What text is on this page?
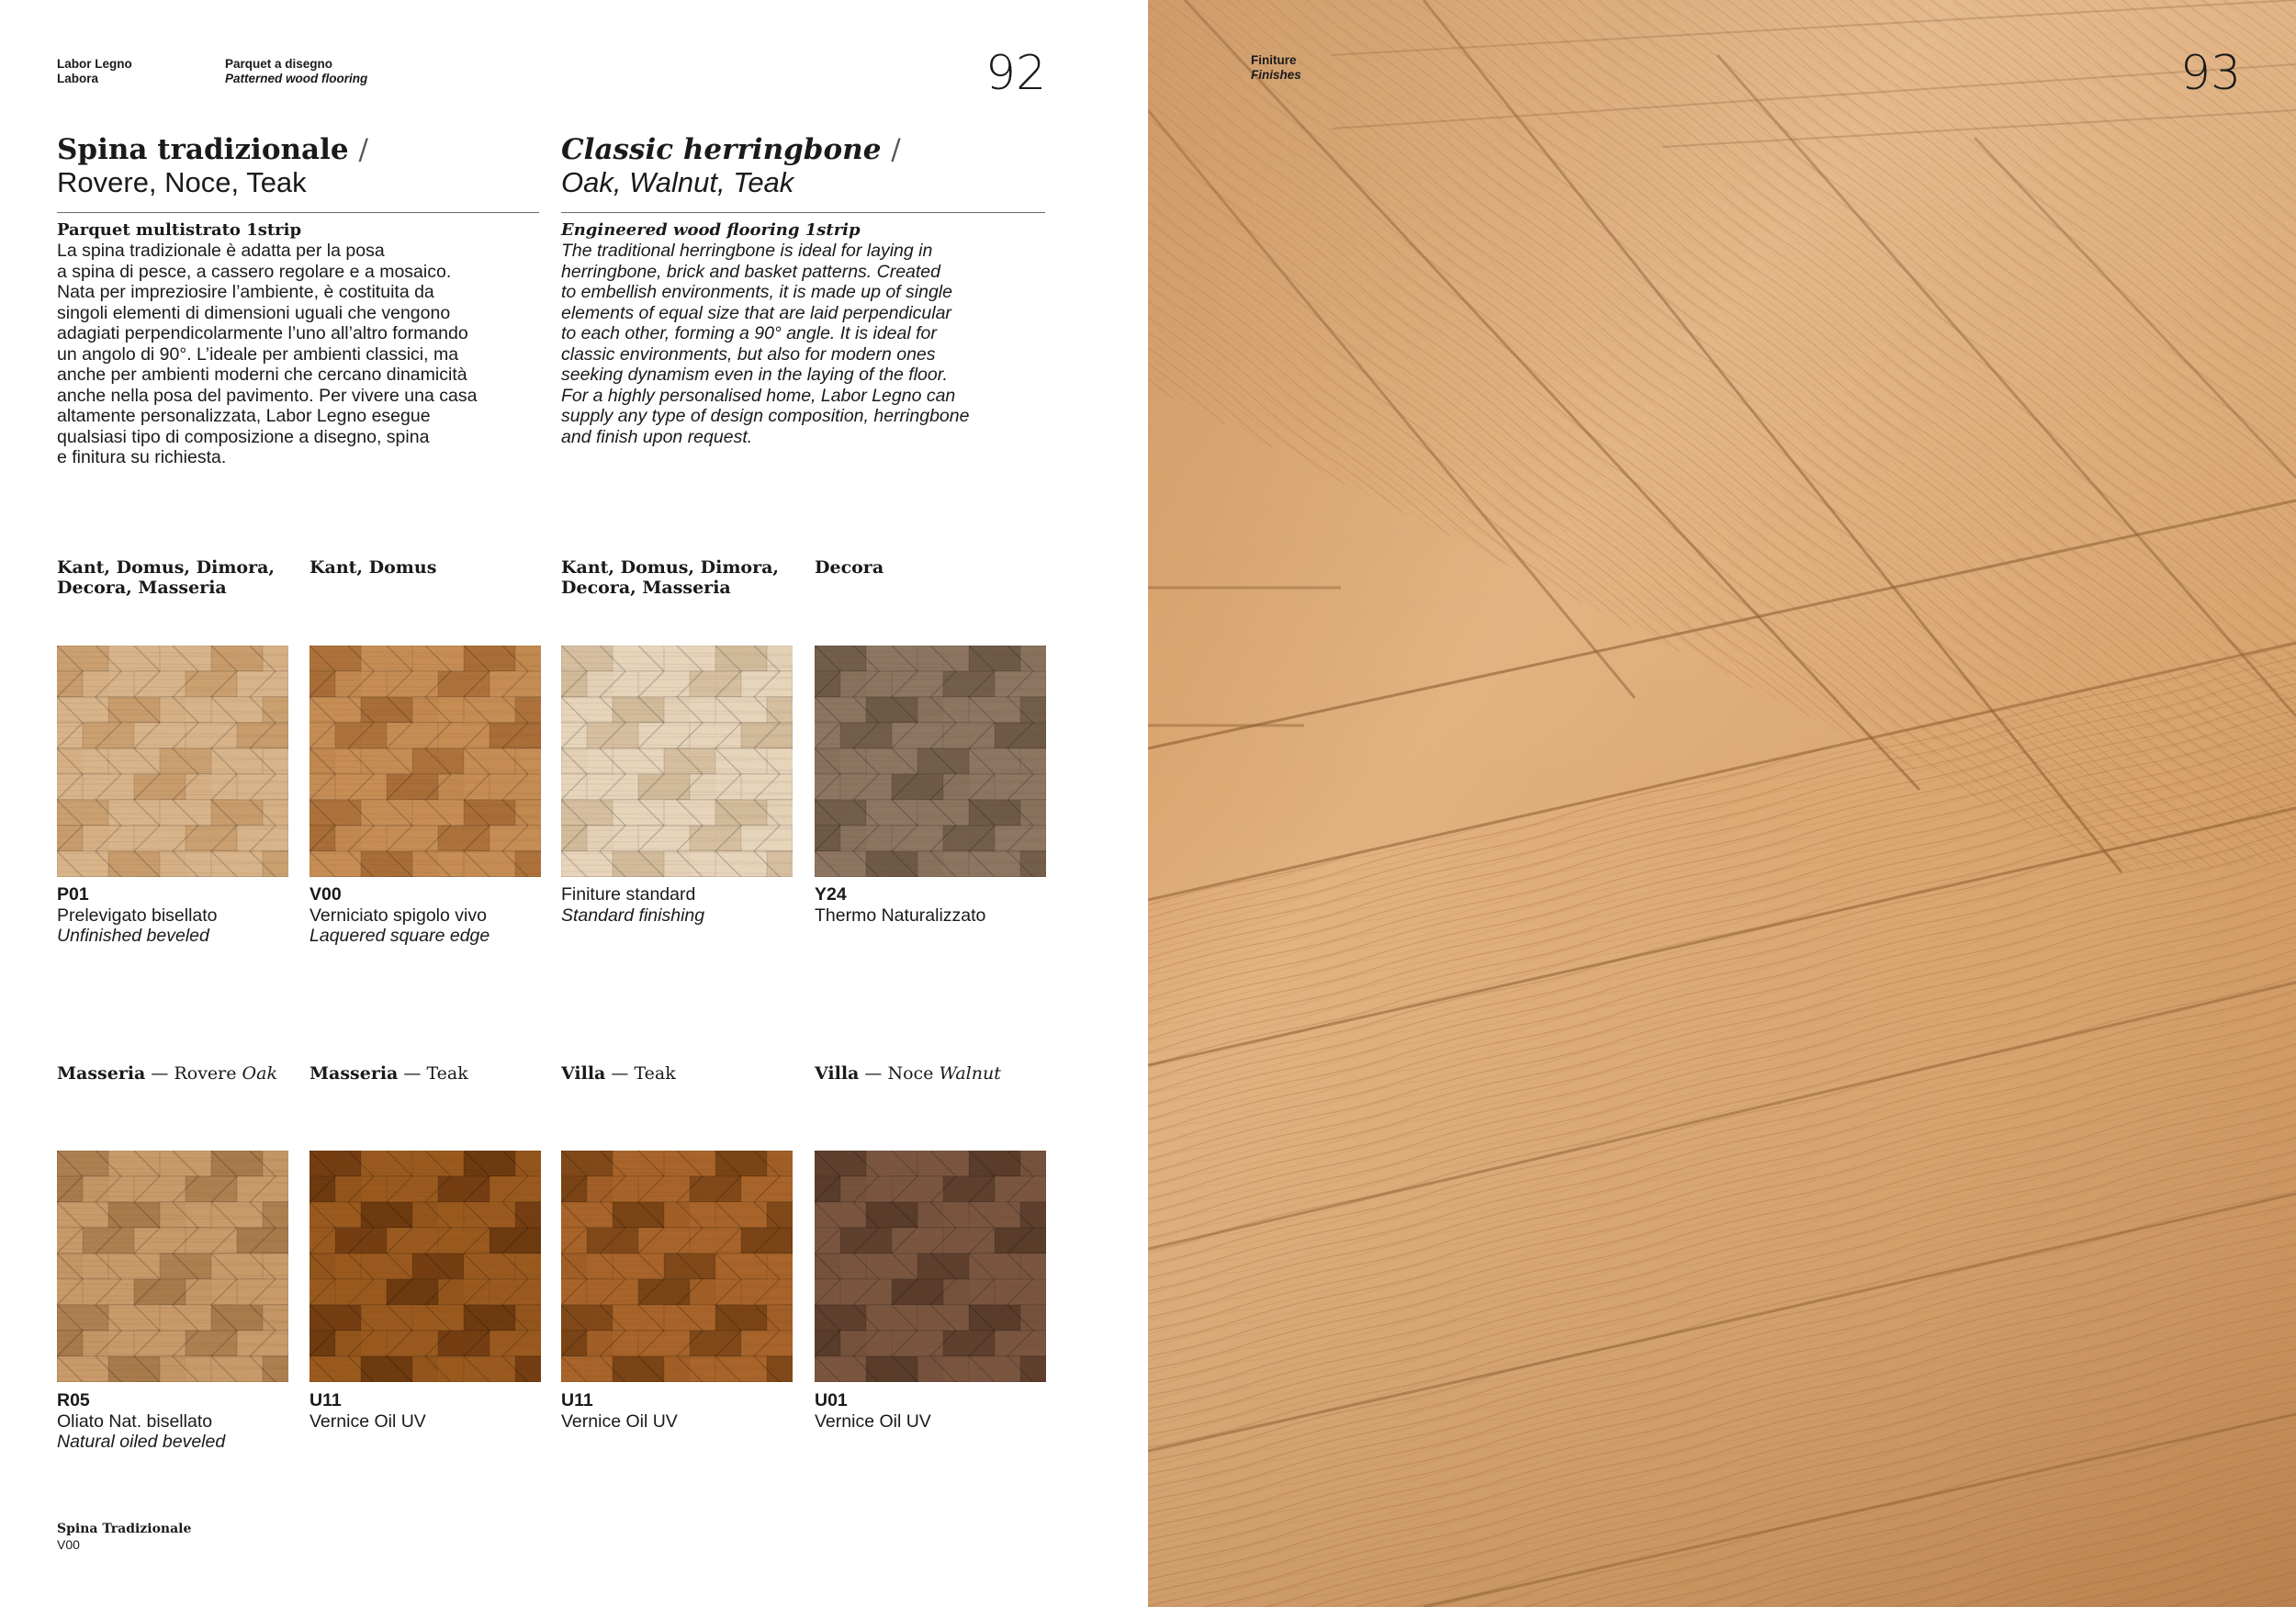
Labor Legno
Labora
Parquet a disegno
Patterned wood flooring	92
Spina tradizionale /
Rovere, Noce, Teak
Parquet multistrato 1strip
La spina tradizionale è adatta per la posa
a spina di pesce, a cassero regolare e a mosaico.
Nata per impreziosire l’ambiente, è costituita da
singoli elementi di dimensioni uguali che vengono
adagiati perpendicolarmente l’uno all’altro formando
un angolo di 90°. L’ideale per ambienti classici, ma
anche per ambienti moderni che cercano dinamicità
anche nella posa del pavimento. Per vivere una casa
altamente personalizzata, Labor Legno esegue
qualsiasi tipo di composizione a disegno, spina
e finitura su richiesta.
Classic herringbone /
Oak, Walnut, Teak
Engineered wood flooring 1strip
The traditional herringbone is ideal for laying in
herringbone, brick and basket patterns. Created
to embellish environments, it is made up of single
elements of equal size that are laid perpendicular
to each other, forming a 90° angle. It is ideal for
classic environments, but also for modern ones
seeking dynamism even in the laying of the floor.
For a highly personalised home, Labor Legno can
supply any type of design composition, herringbone
and finish upon request.
Kant, Domus, Dimora,
Decora, Masseria
P01
Prelevigato bisellato
Unfinished beveled
Kant, Domus
V00
Verniciato spigolo vivo
Laquered square edge
Kant, Domus, Dimora,
Decora, Masseria
Finiture standard
Standard finishing
Decora
Y24
Thermo Naturalizzato
Masseria — Rovere Oak
R05
Oliato Nat. bisellato
Natural oiled beveled
Masseria — Teak
U11
Vernice Oil UV
Villa — Teak
U11
Vernice Oil UV
Villa — Noce Walnut
U01
Vernice Oil UV
Spina Tradizionale
V00
Finiture
Finishes	93
